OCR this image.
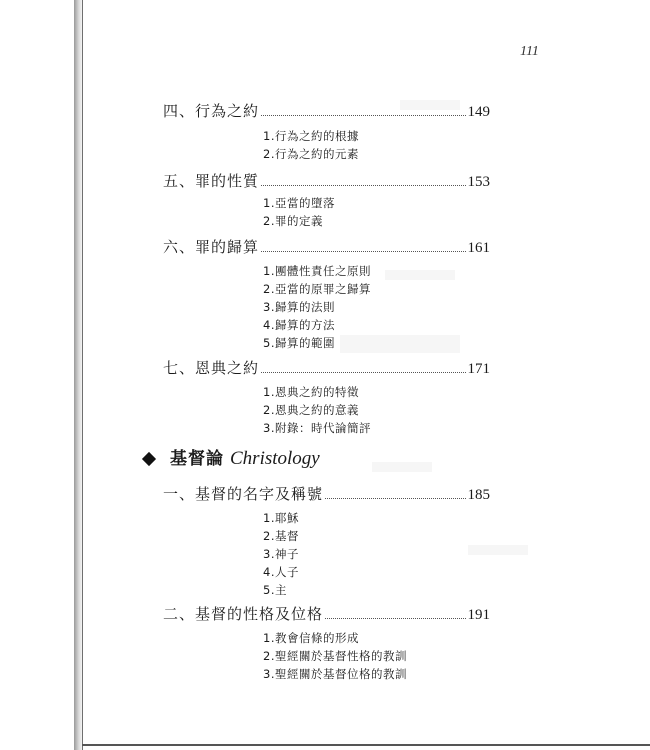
111
四、行為之約	149
1.行為之約的根據
2.行為之約的元素
五、罪的性質	153
1.亞當的墮落
2.罪的定義
六、罪的歸算	161
1.團體性責任之原則
2.亞當的原罪之歸算
3.歸算的法則
4.歸算的方法
5.歸算的範圍
七、恩典之約	171
1.恩典之約的特徵
2.恩典之約的意義
3.附錄：時代論簡評
基督論 Christology
一、基督的名字及稱號	185
1.耶穌
2.基督
3.神子
4.人子
5.主
二、基督的性格及位格	191
1.教會信條的形成
2.聖經關於基督性格的教訓
3.聖經關於基督位格的教訓
